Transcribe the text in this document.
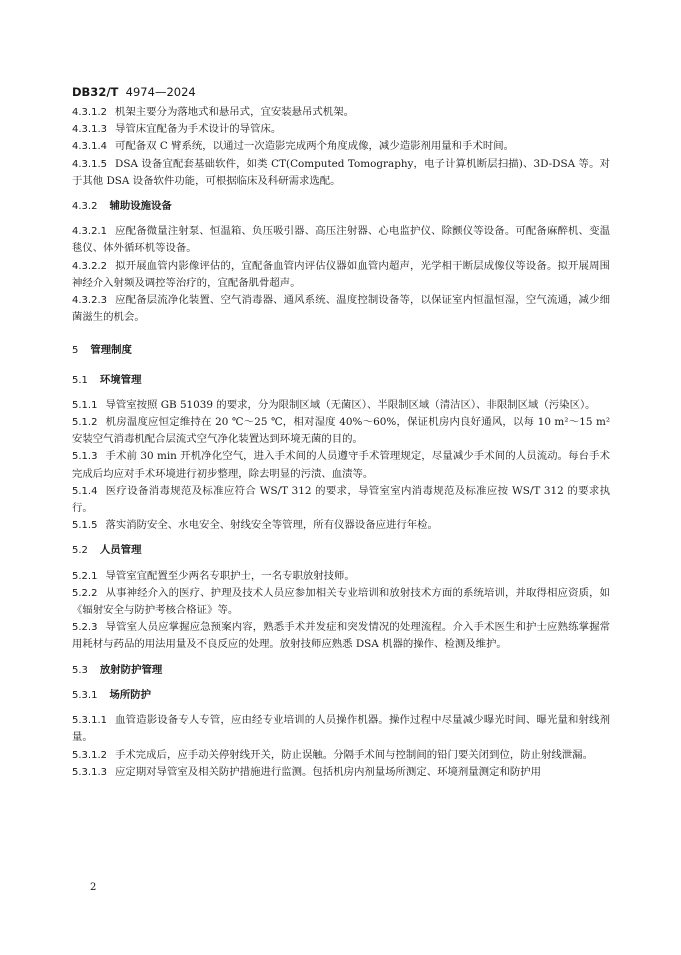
DB32/T 4974—2024

4.3.1.2 机架主要分为落地式和悬吊式，宜安装悬吊式机架。

4.3.1.3 导管床宜配备为手术设计的导管床。

4.3.1.4 可配备双 C 臂系统，以通过一次造影完成两个角度成像，减少造影剂用量和手术时间。

4.3.1.5 DSA 设备宜配套基础软件，如类 CT(Computed Tomography，电子计算机断层扫描)、3D-DSA 等。对于其他 DSA 设备软件功能，可根据临床及科研需求选配。

4.3.2 辅助设施设备

4.3.2.1 应配备微量注射泵、恒温箱、负压吸引器、高压注射器、心电监护仪、除颤仪等设备。可配备麻醉机、变温毯仪、体外循环机等设备。

4.3.2.2 拟开展血管内影像评估的，宜配备血管内评估仪器如血管内超声，光学相干断层成像仪等设备。拟开展周围神经介入射频及调控等治疗的，宜配备肌骨超声。

4.3.2.3 应配备层流净化装置、空气消毒器、通风系统、温度控制设备等，以保证室内恒温恒湿，空气流通，减少细菌滋生的机会。

5 管理制度

5.1 环境管理

5.1.1 导管室按照 GB 51039 的要求，分为限制区域（无菌区）、半限制区域（清洁区）、非限制区域（污染区）。

5.1.2 机房温度应恒定维持在 20 ℃～25 ℃，相对湿度 40%～60%，保证机房内良好通风，以每 10 m²～15 m²安装空气消毒机配合层流式空气净化装置达到环境无菌的目的。

5.1.3 手术前 30 min 开机净化空气，进入手术间的人员遵守手术管理规定，尽量减少手术间的人员流动。每台手术完成后均应对手术环境进行初步整理，除去明显的污渍、血渍等。

5.1.4 医疗设备消毒规范及标准应符合 WS/T 312 的要求，导管室室内消毒规范及标准应按 WS/T 312 的要求执行。

5.1.5 落实消防安全、水电安全、射线安全等管理，所有仪器设备应进行年检。

5.2 人员管理

5.2.1 导管室宜配置至少两名专职护士，一名专职放射技师。

5.2.2 从事神经介入的医疗、护理及技术人员应参加相关专业培训和放射技术方面的系统培训，并取得相应资质，如《辐射安全与防护考核合格证》等。

5.2.3 导管室人员应掌握应急预案内容，熟悉手术并发症和突发情况的处理流程。介入手术医生和护士应熟练掌握常用耗材与药品的用法用量及不良反应的处理。放射技师应熟悉 DSA 机器的操作、检测及维护。

5.3 放射防护管理

5.3.1 场所防护

5.3.1.1 血管造影设备专人专管，应由经专业培训的人员操作机器。操作过程中尽量减少曝光时间、曝光量和射线剂量。

5.3.1.2 手术完成后，应手动关停射线开关，防止误触。分隔手术间与控制间的铅门要关闭到位，防止射线泄漏。

5.3.1.3 应定期对导管室及相关防护措施进行监测。包括机房内剂量场所测定、环境剂量测定和防护用

2
